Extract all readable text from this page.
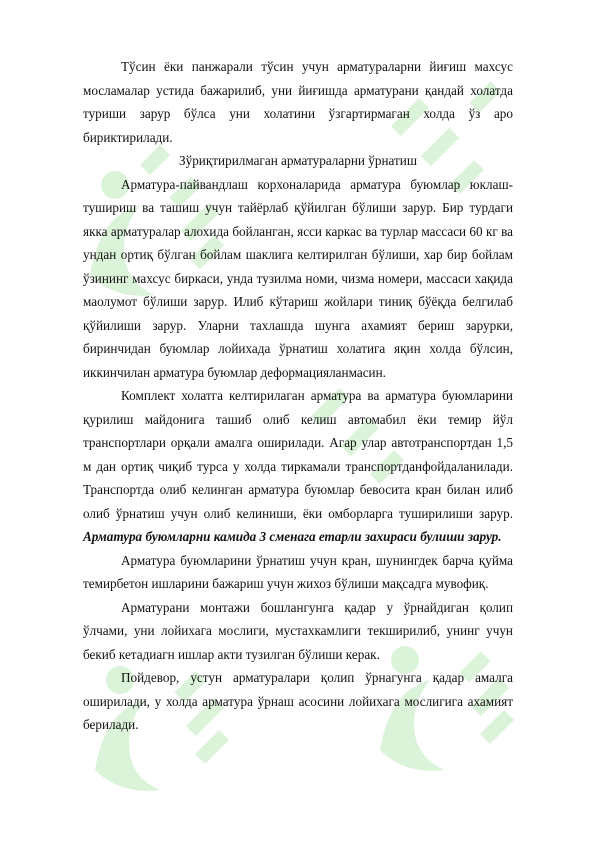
Тўсин ёки панжарали тўсин учун арматураларни йиғиш махсус мосламалар устида бажарилиб, уни йиғишда арматурани қандай холатда туриши зарур бўлса уни холатини ўзгартирмаган холда ўз аро бириктирилади.

Зўриқтирилмаган арматураларни ўрнатиш

Арматура-пайвандлаш корхоналарида арматура буюмлар юклаш-тушириш ва ташиш учун тайёрлаб қўйилган бўлиши зарур. Бир турдаги якка арматуралар алохида бойланган, ясси каркас ва турлар массаси 60 кг ва ундан ортиқ бўлган бойлам шаклига келтирилган бўлиши, хар бир бойлам ўзининг махсус биркаси, унда тузилма номи, чизма номери, массаси хақида маолумот бўлиши зарур. Илиб кўтариш жойлари тиниқ бўёқда белгилаб қўйилиши зарур. Уларни тахлашда шунга ахамият бериш зарурки, биринчидан буюмлар лойихада ўрнатиш холатига яқин холда бўлсин, иккинчилан арматура буюмлар деформацияланмасин.

Комплект холатга келтирилаган арматура ва арматура буюмларини қурилиш майдонига ташиб олиб келиш автомабил ёки темир йўл транспортлари орқали амалга оширилади. Агар улар автотранспортдан 1,5 м дан ортиқ чиқиб турса у холда тиркамали транспортданфойдаланилади. Транспортда олиб келинган арматура буюмлар бевосита кран билан илиб олиб ўрнатиш учун олиб келиниши, ёки омборларга туширилиши зарур. Арматура буюмларни камида 3 сменага етарли захираси булиши зарур.

Арматура буюмларини ўрнатиш учун кран, шунингдек барча қуйма темирбетон ишларини бажариш учун жихоз бўлиши мақсадга мувофиқ.

Арматурани монтажи бошлангунга қадар у ўрнайдиган қолип ўлчами, уни лойихага мослиги, мустахкамлиги текширилиб, унинг учун бекиб кетадиагн ишлар акти тузилган бўлиши керак.

Пойдевор, устун арматуралари қолип ўрнагунга қадар амалга оширилади, у холда арматура ўрнаш асосини лойихага мослигига ахамият берилади.
